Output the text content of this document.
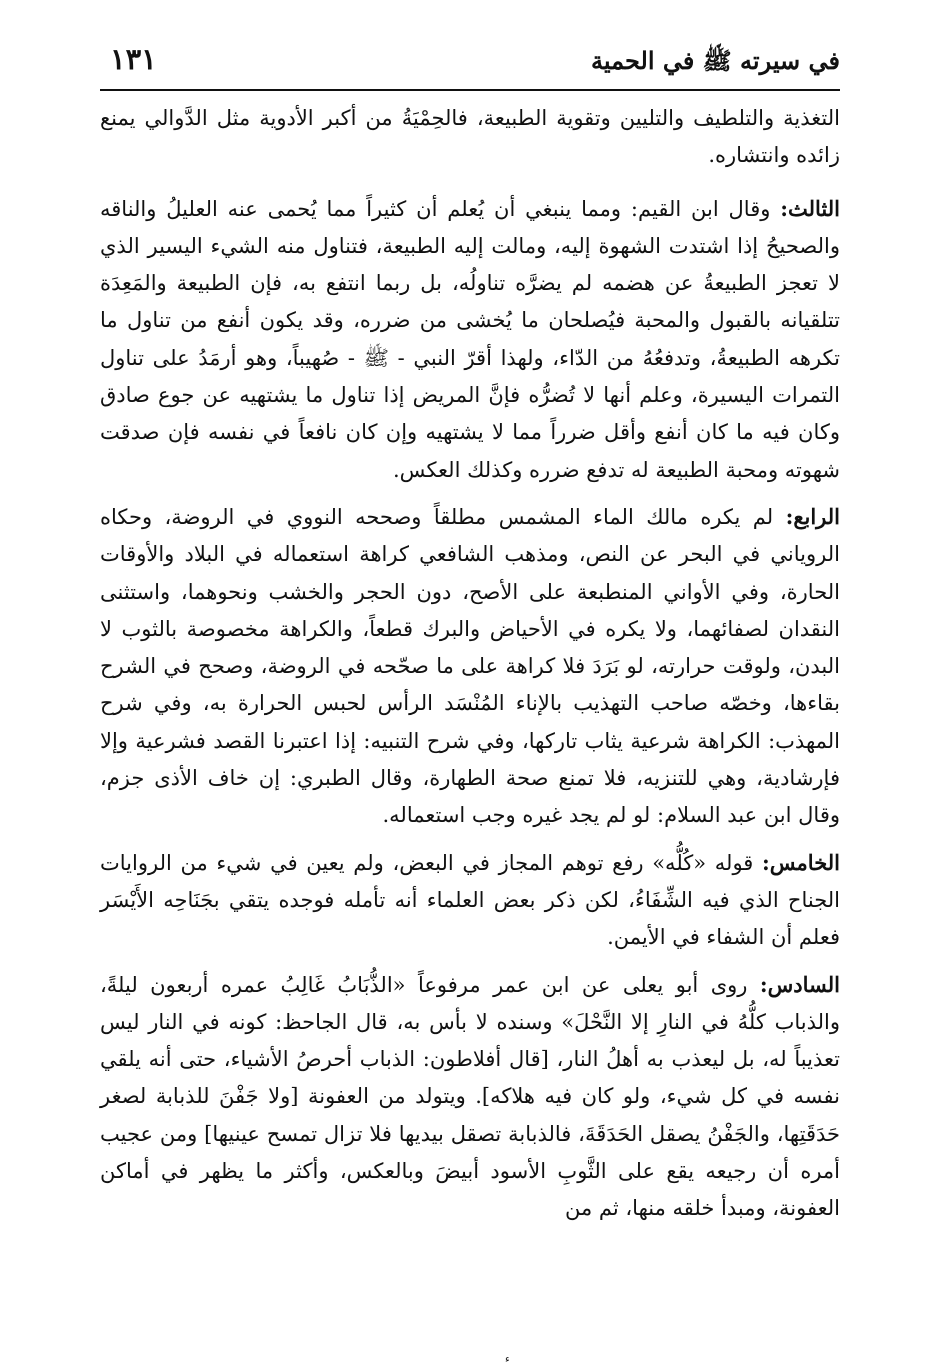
١٣١	في سيرته ﷺ في الحمية

التغذية والتلطيف والتليين وتقوية الطبيعة، فالحِمْيَةُ من أكبر الأدوية مثل الدَّوالي يمنع زائده وانتشاره.

الثالث: وقال ابن القيم: ومما ينبغي أن يُعلم أن كثيراً مما يُحمى عنه العليلُ والناقه والصحيحُ إذا اشتدت الشهوة إليه، ومالت إليه الطبيعة، فتناول منه الشيء اليسير الذي لا تعجز الطبيعةُ عن هضمه لم يضرَّه تناولُه، بل ربما انتفع به، فإن الطبيعة والمَعِدَة تتلقيانه بالقبول والمحبة فيُصلحان ما يُخشى من ضرره، وقد يكون أنفع من تناول ما تكرهه الطبيعةُ، وتدفعُهُ من الدّاء، ولهذا أقرّ النبي - ﷺ - صُهيباً، وهو أرمَدُ على تناول التمرات اليسيرة، وعلم أنها لا تُضرُّه فإنَّ المريض إذا تناول ما يشتهيه عن جوع صادق وكان فيه ما كان أنفع وأقل ضرراً مما لا يشتهيه وإن كان نافعاً في نفسه فإن صدقت شهوته ومحبة الطبيعة له تدفع ضرره وكذلك العكس.

الرابع: لم يكره مالك الماء المشمس مطلقاً وصححه النووي في الروضة، وحكاه الروياني في البحر عن النص، ومذهب الشافعي كراهة استعماله في البلاد والأوقات الحارة، وفي الأواني المنطبعة على الأصح، دون الحجر والخشب ونحوهما، واستثنى النقدان لصفائهما، ولا يكره في الأحياض والبرك قطعاً، والكراهة مخصوصة بالثوب لا البدن، ولوقت حرارته، لو بَرَدَ فلا كراهة على ما صحّحه في الروضة، وصحح في الشرح بقاءها، وخصّه صاحب التهذيب بالإناء المُنْسَد الرأس لحبس الحرارة به، وفي شرح المهذب: الكراهة شرعية يثاب تاركها، وفي شرح التنبيه: إذا اعتبرنا القصد فشرعية وإلا فإرشادية، وهي للتنزيه، فلا تمنع صحة الطهارة، وقال الطبري: إن خاف الأذى جزم، وقال ابن عبد السلام: لو لم يجد غيره وجب استعماله.

الخامس: قوله «كُلُّه» رفع توهم المجاز في البعض، ولم يعين في شيء من الروايات الجناح الذي فيه الشِّفَاءُ، لكن ذكر بعض العلماء أنه تأمله فوجده يتقي بجَنَاحِه الأَيْسَر فعلم أن الشفاء في الأيمن.

السادس: روى أبو يعلى عن ابن عمر مرفوعاً «الذُّبَابُ غَالِبُ عمره أربعون ليلةً، والذباب كلُّهُ في النارِ إلا النَّحْلَ» وسنده لا بأس به، قال الجاحظ: كونه في النار ليس تعذيباً له، بل ليعذب به أهلُ النار، [قال أفلاطون: الذباب أحرصُ الأشياء، حتى أنه يلقي نفسه في كل شيء، ولو كان فيه هلاكه]. ويتولد من العفونة [ولا جَفْنَ للذبابة لصغر حَدَقَتِها، والجَفْنُ يصقل الحَدَقَةَ، فالذبابة تصقل بيديها فلا تزال تمسح عينيها] ومن عجيب أمره أن رجيعه يقع على الثَّوبِ الأسود أبيضَ وبالعكس، وأكثر ما يظهر في أماكن العفونة، ومبدأ خلقه منها، ثم من

ء
